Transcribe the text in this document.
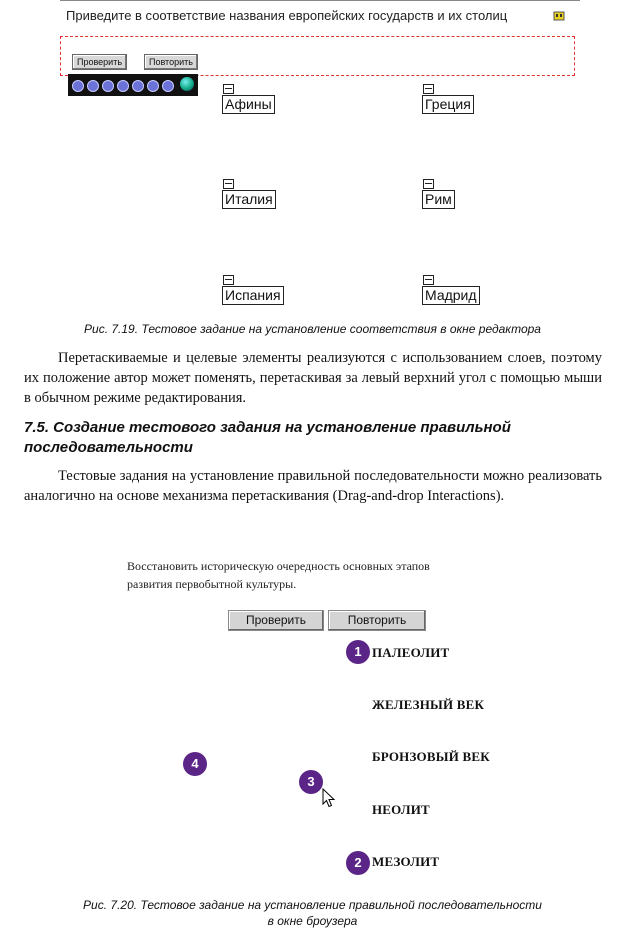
Приведите в соответствие названия европейских государств и их столиц
Проверить	Повторить
Афины	Греция
Италия	Рим
Испания	Мадрид
Рис. 7.19. Тестовое задание на установление соответствия в окне редактора
Перетаскиваемые и целевые элементы реализуются с использованием слоев, поэтому их положение автор может поменять, перетаскивая за левый верхний угол с помощью мыши в обычном режиме редактирования.
7.5. Создание тестового задания на установление правильной последовательности
Тестовые задания на установление правильной последовательности можно реализовать аналогично на основе механизма перетаскивания (Drag-and-drop Interactions).
Восстановить историческую очередность основных этапов
развития первобытной культуры.
Проверить	Повторить
ПАЛЕОЛИТ
ЖЕЛЕЗНЫЙ ВЕК
БРОНЗОВЫЙ ВЕК
НЕОЛИТ
МЕЗОЛИТ
1
2
3
4
Рис. 7.20. Тестовое задание на установление правильной последовательности
в окне броузера
